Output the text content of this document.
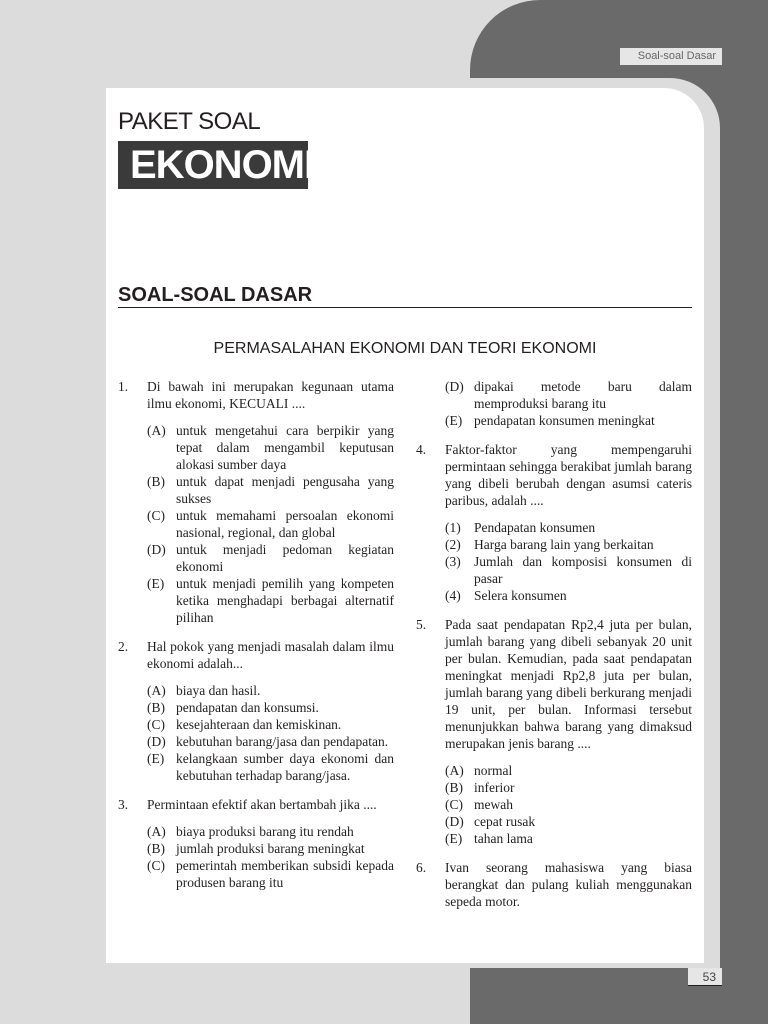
Soal-soal Dasar
PAKET SOAL
EKONOMI
SOAL-SOAL DASAR
PERMASALAHAN EKONOMI DAN TEORI EKONOMI
1.	Di bawah ini merupakan kegunaan utama ilmu ekonomi, KECUALI ....
(A) untuk mengetahui cara berpikir yang tepat dalam mengambil keputusan alokasi sumber daya
(B) untuk dapat menjadi pengusaha yang sukses
(C) untuk memahami persoalan ekonomi nasional, regional, dan global
(D) untuk menjadi pedoman kegiatan ekonomi
(E) untuk menjadi pemilih yang kompeten ketika menghadapi berbagai alternatif pilihan
2.	Hal pokok yang menjadi masalah dalam ilmu ekonomi adalah...
(A) biaya dan hasil.
(B) pendapatan dan konsumsi.
(C) kesejahteraan dan kemiskinan.
(D) kebutuhan barang/jasa dan pendapatan.
(E) kelangkaan sumber daya ekonomi dan kebutuhan terhadap barang/jasa.
3.	Permintaan efektif akan bertambah jika ....
(A) biaya produksi barang itu rendah
(B) jumlah produksi barang meningkat
(C) pemerintah memberikan subsidi kepada produsen barang itu
(D) dipakai metode baru dalam memproduksi barang itu
(E) pendapatan konsumen meningkat
4.	Faktor-faktor yang mempengaruhi permintaan sehingga berakibat jumlah barang yang dibeli berubah dengan asumsi cateris paribus, adalah ....
(1) Pendapatan konsumen
(2) Harga barang lain yang berkaitan
(3) Jumlah dan komposisi konsumen di pasar
(4) Selera konsumen
5.	Pada saat pendapatan Rp2,4 juta per bulan, jumlah barang yang dibeli sebanyak 20 unit per bulan. Kemudian, pada saat pendapatan meningkat menjadi Rp2,8 juta per bulan, jumlah barang yang dibeli berkurang menjadi 19 unit, per bulan. Informasi tersebut menunjukkan bahwa barang yang dimaksud merupakan jenis barang ....
(A) normal
(B) inferior
(C) mewah
(D) cepat rusak
(E) tahan lama
6.	Ivan seorang mahasiswa yang biasa berangkat dan pulang kuliah menggunakan sepeda motor.
53
